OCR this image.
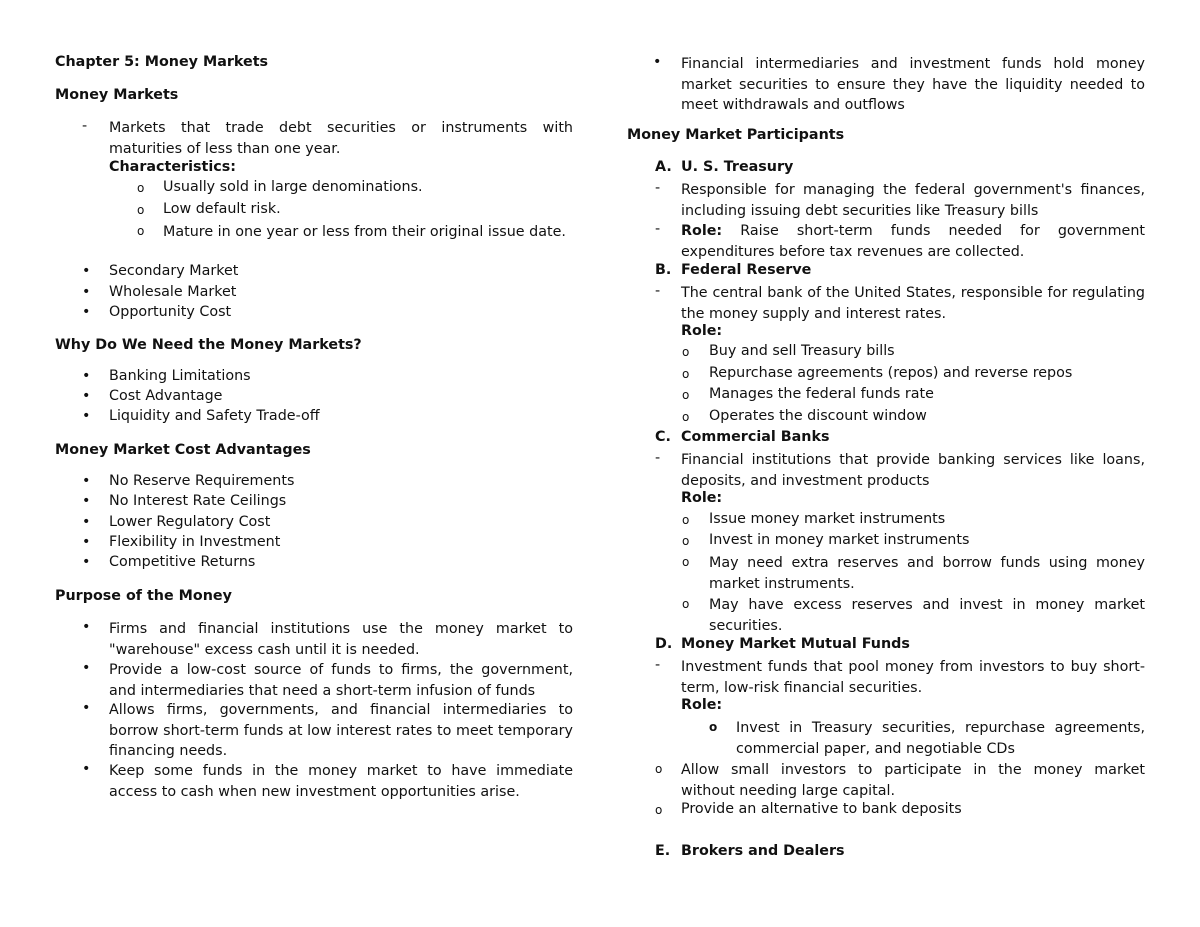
Chapter 5: Money Markets
Money Markets
- Markets that trade debt securities or instruments with maturities of less than one year.
Characteristics:
o Usually sold in large denominations.
o Low default risk.
o Mature in one year or less from their original issue date.
• Secondary Market
• Wholesale Market
• Opportunity Cost
Why Do We Need the Money Markets?
• Banking Limitations
• Cost Advantage
• Liquidity and Safety Trade-off
Money Market Cost Advantages
• No Reserve Requirements
• No Interest Rate Ceilings
• Lower Regulatory Cost
• Flexibility in Investment
• Competitive Returns
Purpose of the Money
• Firms and financial institutions use the money market to "warehouse" excess cash until it is needed.
• Provide a low-cost source of funds to firms, the government, and intermediaries that need a short-term infusion of funds
• Allows firms, governments, and financial intermediaries to borrow short-term funds at low interest rates to meet temporary financing needs.
• Keep some funds in the money market to have immediate access to cash when new investment opportunities arise.
• Financial intermediaries and investment funds hold money market securities to ensure they have the liquidity needed to meet withdrawals and outflows
Money Market Participants
A. U. S. Treasury
- Responsible for managing the federal government's finances, including issuing debt securities like Treasury bills
- Role: Raise short-term funds needed for government expenditures before tax revenues are collected.
B. Federal Reserve
- The central bank of the United States, responsible for regulating the money supply and interest rates.
Role:
o Buy and sell Treasury bills
o Repurchase agreements (repos) and reverse repos
o Manages the federal funds rate
o Operates the discount window
C. Commercial Banks
- Financial institutions that provide banking services like loans, deposits, and investment products
Role:
o Issue money market instruments
o Invest in money market instruments
o May need extra reserves and borrow funds using money market instruments.
o May have excess reserves and invest in money market securities.
D. Money Market Mutual Funds
- Investment funds that pool money from investors to buy short-term, low-risk financial securities.
Role:
o Invest in Treasury securities, repurchase agreements, commercial paper, and negotiable CDs
o Allow small investors to participate in the money market without needing large capital.
o Provide an alternative to bank deposits
E. Brokers and Dealers
